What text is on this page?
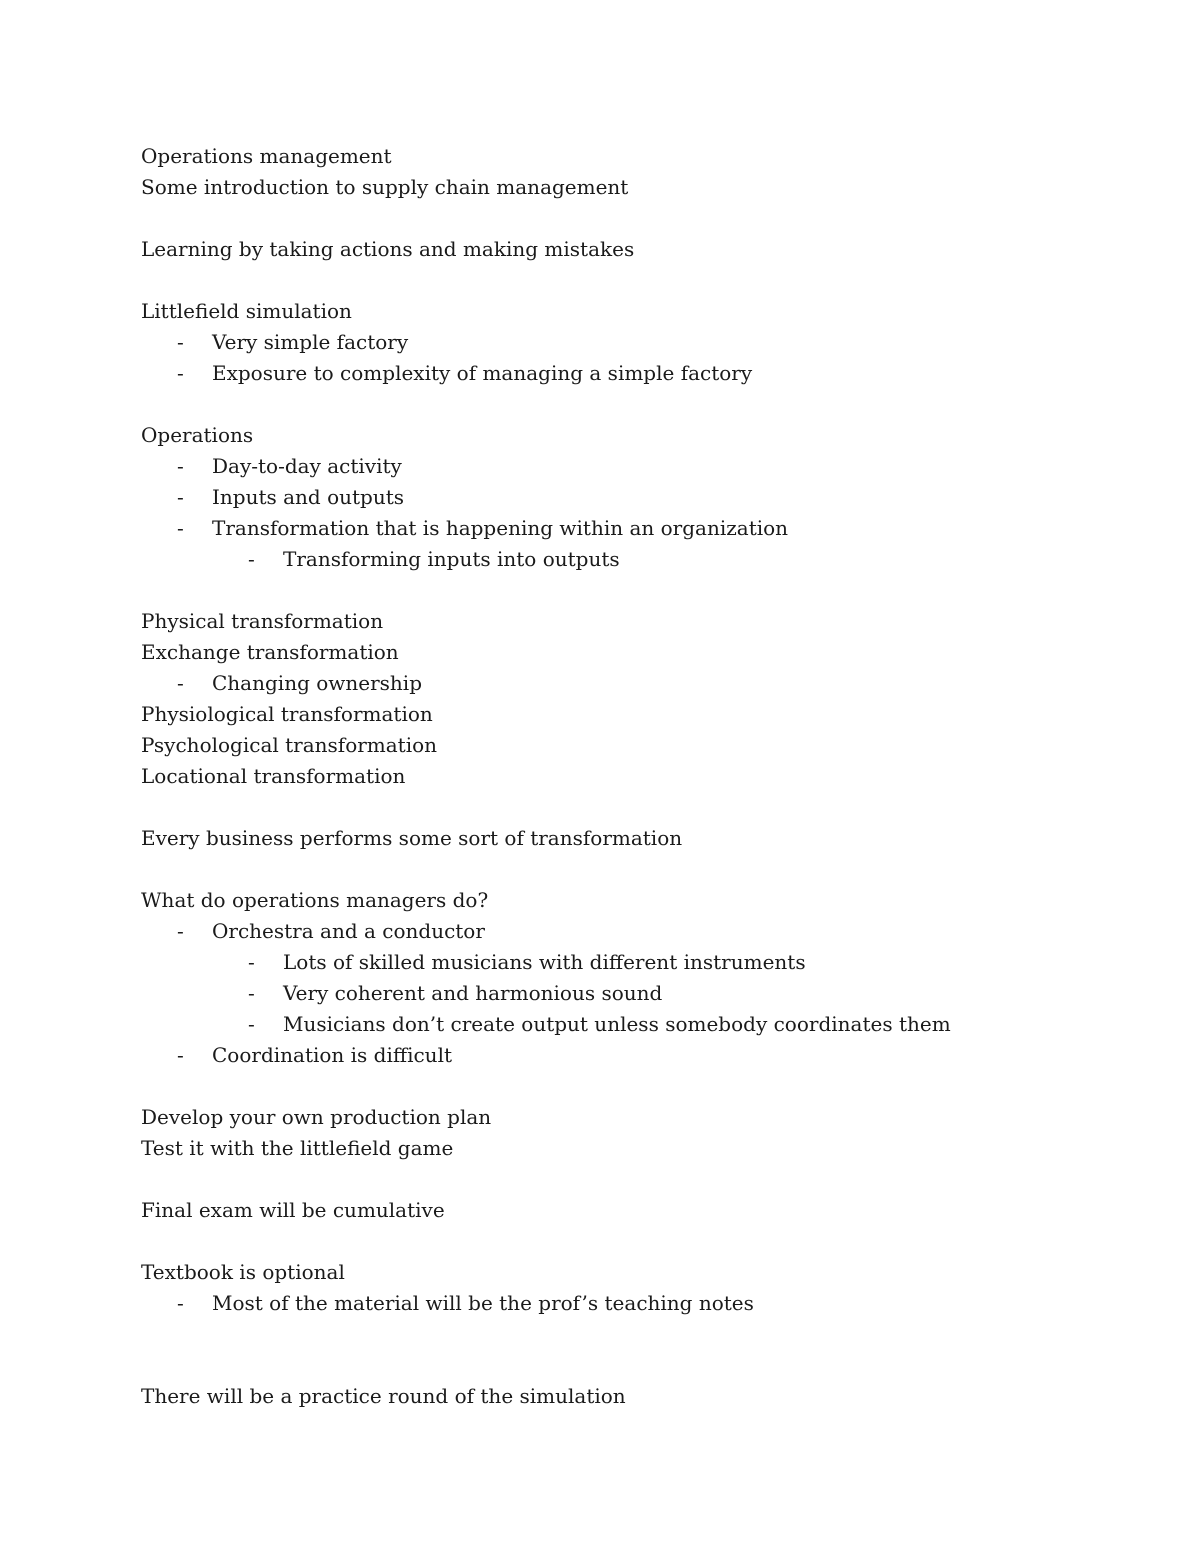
Operations management
Some introduction to supply chain management
Learning by taking actions and making mistakes
Littlefield simulation
- Very simple factory
- Exposure to complexity of managing a simple factory
Operations
- Day-to-day activity
- Inputs and outputs
- Transformation that is happening within an organization
- Transforming inputs into outputs
Physical transformation
Exchange transformation
- Changing ownership
Physiological transformation
Psychological transformation
Locational transformation
Every business performs some sort of transformation
What do operations managers do?
- Orchestra and a conductor
- Lots of skilled musicians with different instruments
- Very coherent and harmonious sound
- Musicians don’t create output unless somebody coordinates them
- Coordination is difficult
Develop your own production plan
Test it with the littlefield game
Final exam will be cumulative
Textbook is optional
- Most of the material will be the prof’s teaching notes
There will be a practice round of the simulation
